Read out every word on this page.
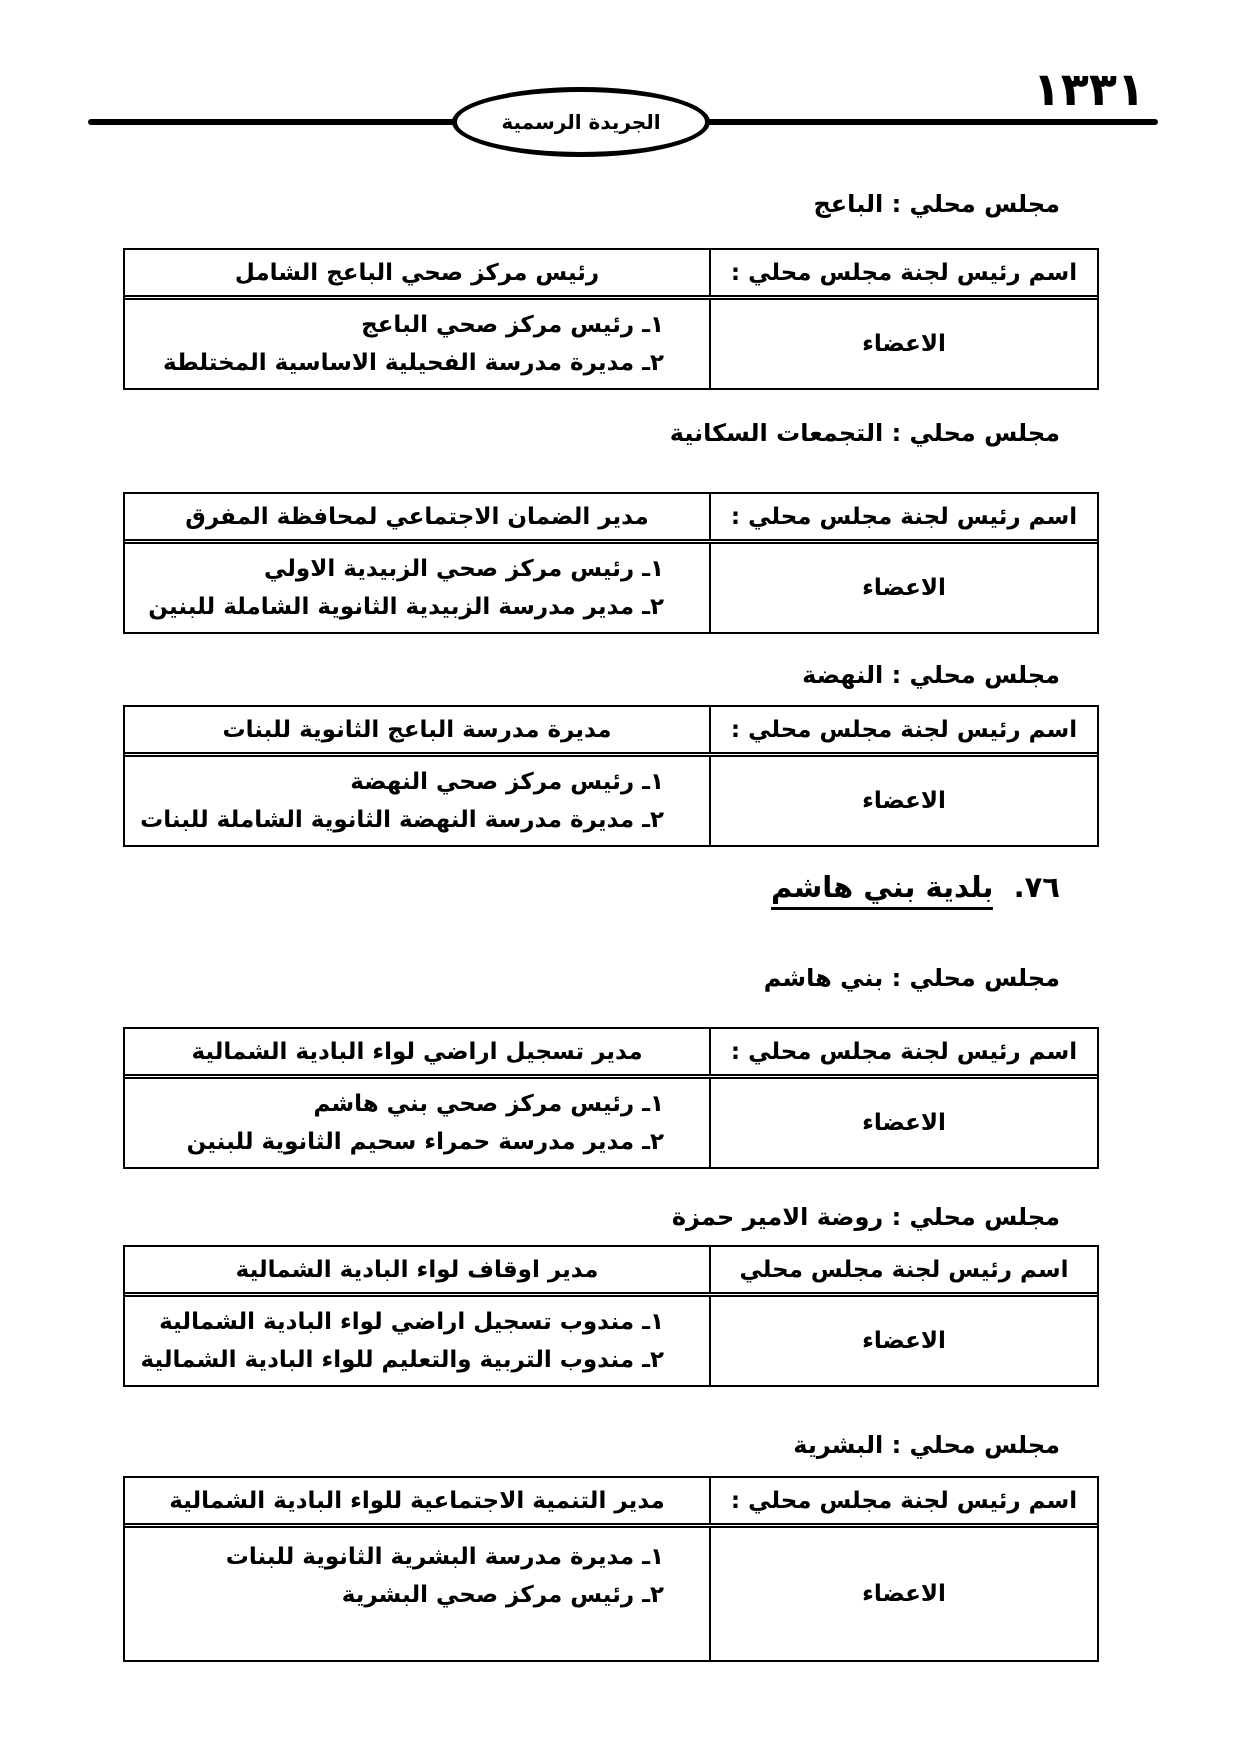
١٣٣١
الجريدة الرسمية
مجلس محلي : الباعج
اسم رئيس لجنة مجلس محلي :
رئيس مركز صحي الباعج الشامل
الاعضاء
١ـ رئيس مركز صحي الباعج
٢ـ مديرة مدرسة الفحيلية الاساسية المختلطة
مجلس محلي : التجمعات السكانية
اسم رئيس لجنة مجلس محلي :
مدير الضمان الاجتماعي لمحافظة المفرق
الاعضاء
١ـ رئيس مركز صحي الزبيدية الاولي
٢ـ مدير مدرسة الزبيدية الثانوية الشاملة للبنين
مجلس محلي : النهضة
اسم رئيس لجنة مجلس محلي :
مديرة مدرسة الباعج الثانوية للبنات
الاعضاء
١ـ رئيس مركز صحي النهضة
٢ـ مديرة مدرسة النهضة الثانوية الشاملة للبنات
٧٦. بلدية بني هاشم
مجلس محلي : بني هاشم
اسم رئيس لجنة مجلس محلي :
مدير تسجيل اراضي لواء البادية الشمالية
الاعضاء
١ـ رئيس مركز صحي بني هاشم
٢ـ مدير مدرسة حمراء سحيم الثانوية للبنين
مجلس محلي : روضة الامير حمزة
اسم رئيس لجنة مجلس محلي
مدير اوقاف لواء البادية الشمالية
الاعضاء
١ـ مندوب تسجيل اراضي لواء البادية الشمالية
٢ـ مندوب التربية والتعليم للواء البادية الشمالية
مجلس محلي : البشرية
اسم رئيس لجنة مجلس محلي :
مدير التنمية الاجتماعية للواء البادية الشمالية
الاعضاء
١ـ مديرة مدرسة البشرية الثانوية للبنات
٢ـ رئيس مركز صحي البشرية
